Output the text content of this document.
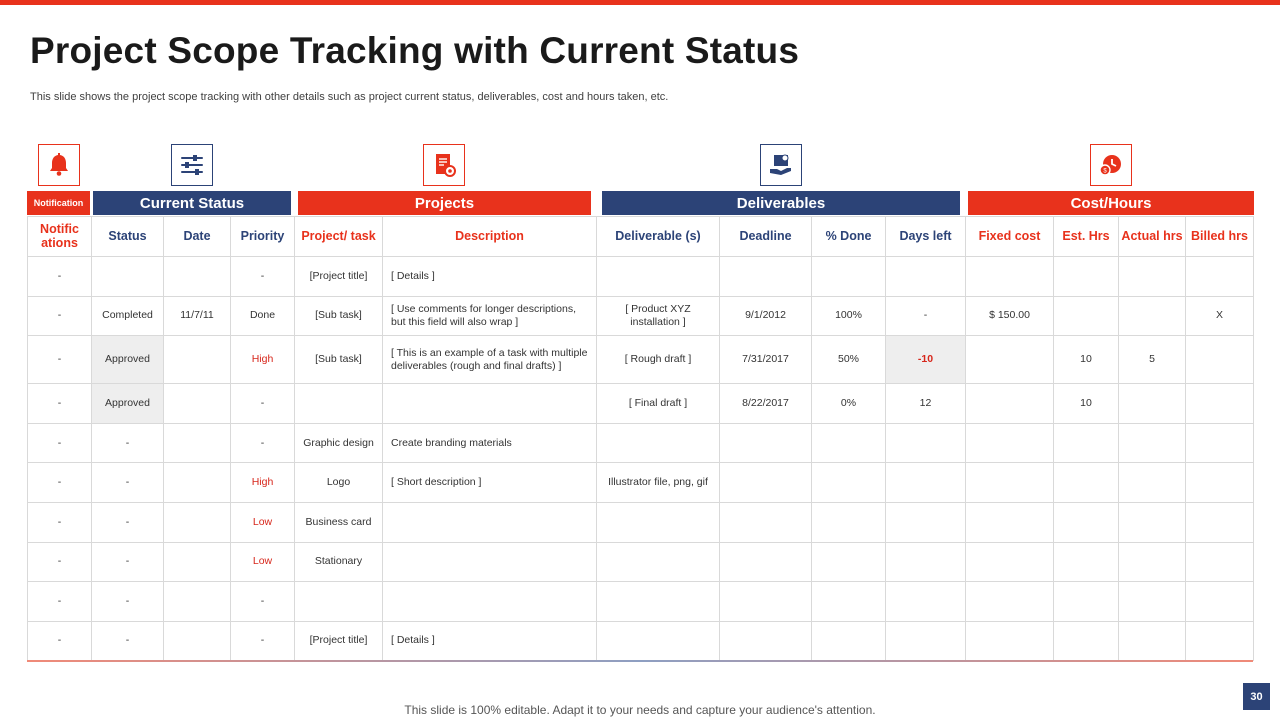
Project Scope Tracking with Current Status

This slide shows the project scope tracking with other details such as project current status, deliverables, cost and hours taken, etc.

$
Notification	Current Status	Projects	Deliverables	Cost/Hours
Notific ations	Status	Date	Priority	Project/ task	Description	Deliverable (s)	Deadline	% Done	Days left	Fixed cost	Est. Hrs	Actual hrs	Billed hrs
-			-	[Project title]	[ Details ]								
-	Completed	11/7/11	Done	[Sub task]	[ Use comments for longer descriptions, but this field will also wrap ]	[ Product XYZ installation ]	9/1/2012	100%	-	$ 150.00			X
-	Approved		High	[Sub task]	[ This is an example of a task with multiple deliverables (rough and final drafts) ]	[ Rough draft ]	7/31/2017	50%	-10		10	5	
-	Approved		-			[ Final draft ]	8/22/2017	0%	12		10		
-	-		-	Graphic design	Create branding materials								
-	-		High	Logo	[ Short description ]	Illustrator file, png, gif							
-	-		Low	Business card									
-	-		Low	Stationary									
-	-		-										
-	-		-	[Project title]	[ Details ]								
This slide is 100% editable. Adapt it to your needs and capture your audience's attention.
30
